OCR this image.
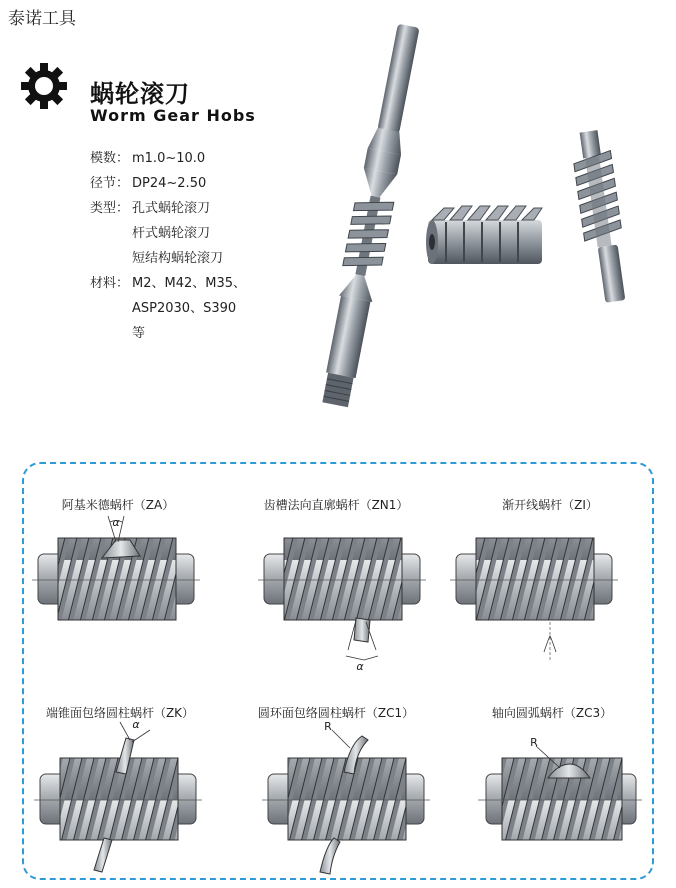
泰诺工具
蜗轮滚刀
Worm Gear Hobs
模数： m1.0~10.0
径节： DP24~2.50
类型： 孔式蜗轮滚刀
杆式蜗轮滚刀
短结构蜗轮滚刀
材料： M2、M42、M35、
ASP2030、S390
等
阿基米德蜗杆（ZA）	齿槽法向直廓蜗杆（ZN1）	渐开线蜗杆（ZI）
端锥面包络圆柱蜗杆（ZK）	圆环面包络圆柱蜗杆（ZC1）	轴向圆弧蜗杆（ZC3）
α
α
α	R
R
